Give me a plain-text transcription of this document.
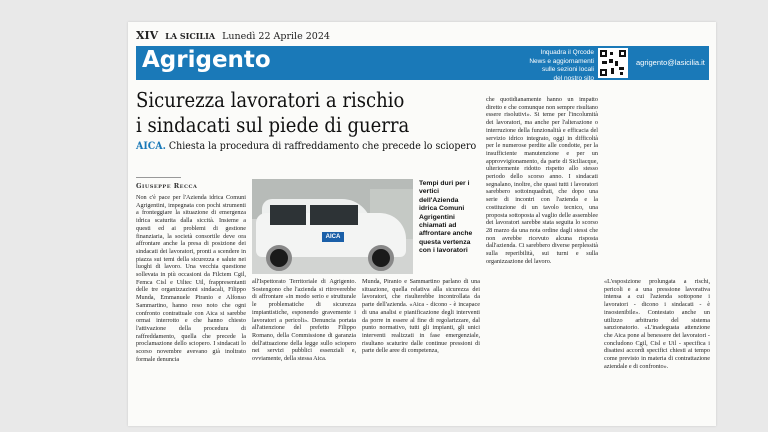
XIV LA SICILIA Lunedì 22 Aprile 2024
Agrigento	Inquadra il Qrcode
News e aggiornamenti
sulle sezioni locali
del nostro sito
agrigento@lasicilia.it
Sicurezza lavoratori a rischio
i sindacati sul piede di guerra
AICA. Chiesta la procedura di raffreddamento che precede lo sciopero
Giuseppe Recca
Non c'è pace per l'Azienda idrica Comuni Agrigentini, impegnata con pochi strumenti a fronteggiare la situazione di emergenza idrica scaturita dalla siccità. Insieme a questi ed ai problemi di gestione finanziaria, la società consortile deve ora affrontare anche la presa di posizione dei sindacati dei lavoratori, pronti a scendere in piazza sui temi della sicurezza e salute nei luoghi di lavoro. Una vecchia questione sollevata in più occasioni da Filctem Cgil, Femca Cisl e Uiltec Uil, frappresentanti delle tre organizzazioni sindacali, Filippo Munda, Emmanuele Piranio e Alfonso Sammartino, hanno reso noto che ogni confronto contrattuale con Aica si sarebbe ormai interrotto e che hanno chiesto l'attivazione della procedura di raffreddamento, quella che precede la proclamazione dello sciopero. I sindacati lo scorso novembre avevano già inoltrato formale denuncia
AICA
Tempi duri per i vertici dell'Azienda idrica Comuni Agrigentini chiamati ad affrontare anche questa vertenza con i lavoratori
all'Ispettorato Territoriale di Agrigento. Sostengono che l'azienda si ritroverebbe di affrontare «in modo serio e strutturale le problematiche di sicurezza impiantistiche, esponendo gravemente i lavoratori a pericoli». Denuncia portata all'attenzione del prefetto Filippo Romano, della Commissione di garanzia dell'attuazione della legge sullo sciopero nei servizi pubblici essenziali e, ovviamente, della stessa Aica.
Munda, Piranio e Sammartino parlano di una situazione, quella relativa alla sicurezza dei lavoratori, che risulterebbe incontrollata da parte dell'azienda. «Aica - dicono - è incapace di una analisi e pianificazione degli interventi da porre in essere al fine di regolarizzare, dal punto normativo, tutti gli impianti, gli unici interventi realizzati in fase emergenziale, risultano scaturire dalle continue pressioni di parte delle aree di competenza,
che quotidianamente hanno un impatto diretto e che comunque non sempre risultano essere risolutivi». Si teme per l'incolumità dei lavoratori, ma anche per l'alterazione o interruzione della funzionalità e efficacia del servizio idrico integrato, oggi in difficoltà per le numerose perdite alle condotte, per la insufficiente manutenzione e per un approvvigionamento, da parte di Siciliacque, ulteriormente ridotto rispetto allo stesso periodo dello scorso anno. I sindacati segnalano, inoltre, che quasi tutti i lavoratori sarebbero sottoinquadrati, che dopo una serie di incontri con l'azienda e la costituzione di un tavolo tecnico, una proposta sottoposta al vaglio delle assemblee dei lavoratori sarebbe stata seguita lo scorso 28 marzo da una nota ordine dagli stessi che non avrebbe ricevuto alcuna risposta dall'azienda. Ci sarebbero diverse perplessità sulla reperibilità, sui turni e sulla organizzazione del lavoro.
«L'esposizione prolungata a rischi, pericoli e a una pressione lavorativa intensa a cui l'azienda sottopone i lavoratori - dicono i sindacati - è insostenibile». Contestato anche un utilizzo arbitrario del sistema sanzionatorio. «L'inadeguata attenzione che Aica pone al benessere dei lavoratori - concludono Cgil, Cisl e Uil - specifica i disattesi accordi specifici chiesti ai tempo come previsto in materia di contrattazione aziendale e di confronto».
